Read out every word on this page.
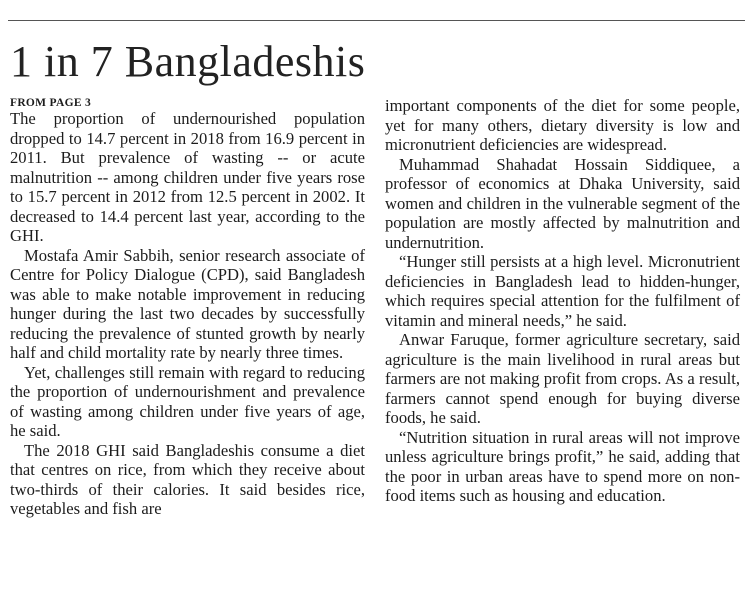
1 in 7 Bangladeshis
FROM PAGE 3

The proportion of undernourished population dropped to 14.7 percent in 2018 from 16.9 percent in 2011. But prevalence of wasting -- or acute malnutrition -- among children under five years rose to 15.7 percent in 2012 from 12.5 percent in 2002. It decreased to 14.4 percent last year, according to the GHI.

Mostafa Amir Sabbih, senior research associate of Centre for Policy Dialogue (CPD), said Bangladesh was able to make notable improvement in reducing hunger during the last two decades by successfully reducing the prevalence of stunted growth by nearly half and child mortality rate by nearly three times.

Yet, challenges still remain with regard to reducing the proportion of undernourishment and prevalence of wasting among children under five years of age, he said.

The 2018 GHI said Bangladeshis consume a diet that centres on rice, from which they receive about two-thirds of their calories. It said besides rice, vegetables and fish are

important components of the diet for some people, yet for many others, dietary diversity is low and micronutrient deficiencies are widespread.

Muhammad Shahadat Hossain Siddiquee, a professor of economics at Dhaka University, said women and children in the vulnerable segment of the population are mostly affected by malnutrition and undernutrition.

“Hunger still persists at a high level. Micronutrient deficiencies in Bangladesh lead to hidden-hunger, which requires special attention for the fulfilment of vitamin and mineral needs,” he said.

Anwar Faruque, former agriculture secretary, said agriculture is the main livelihood in rural areas but farmers are not making profit from crops. As a result, farmers cannot spend enough for buying diverse foods, he said.

“Nutrition situation in rural areas will not improve unless agriculture brings profit,” he said, adding that the poor in urban areas have to spend more on non-food items such as housing and education.
